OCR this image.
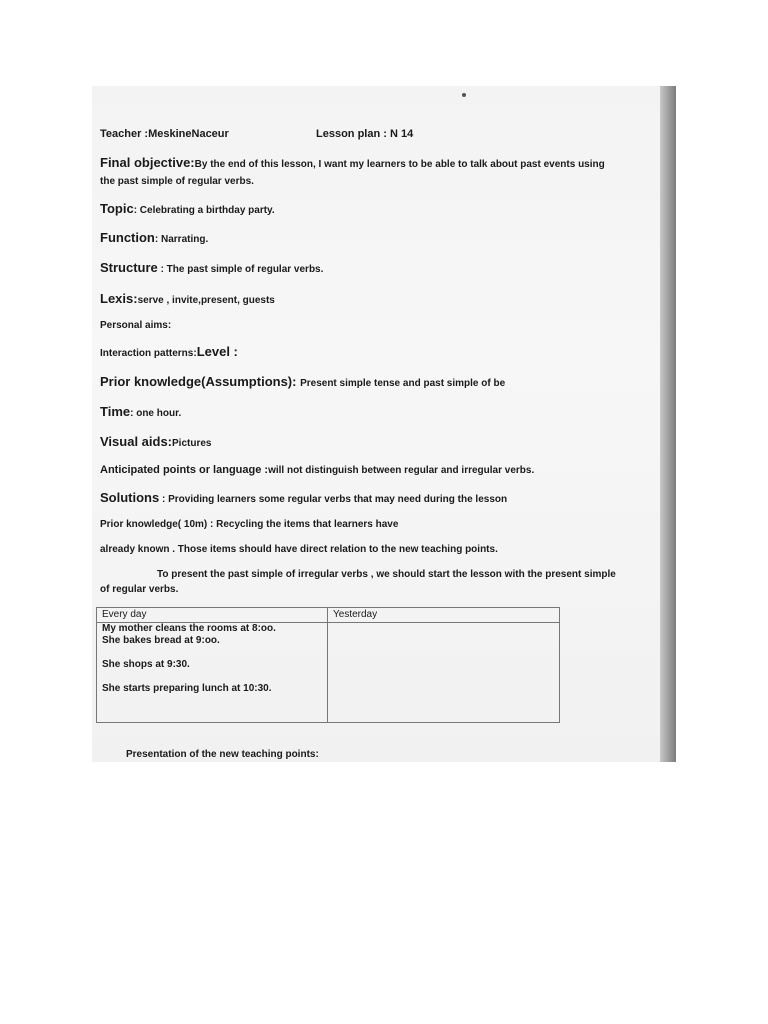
Teacher :MeskineNaceur	Lesson plan : N 14
Final objective:By the end of this lesson, I want my learners to be able to talk about past events using
the past simple of regular verbs.
Topic: Celebrating a birthday party.
Function: Narrating.
Structure : The past simple of regular verbs.
Lexis:serve , invite,present, guests
Personal aims:
Interaction patterns:Level :
Prior knowledge(Assumptions): Present simple tense and past simple of be
Time: one hour.
Visual aids:Pictures
Anticipated points or language :will not distinguish between regular and irregular verbs.
Solutions : Providing learners some regular verbs that may need during the lesson
Prior knowledge( 10m) : Recycling the items that learners have
already known . Those items should have direct relation to the new teaching points.
To present the past simple of irregular verbs , we should start the lesson with the present simple
of regular verbs.
Every day	Yesterday

My mother cleans the rooms at 8:oo.
She bakes bread at 9:oo.
She shops at 9:30.
She starts preparing lunch at 10:30.	

Presentation of the new teaching points:
